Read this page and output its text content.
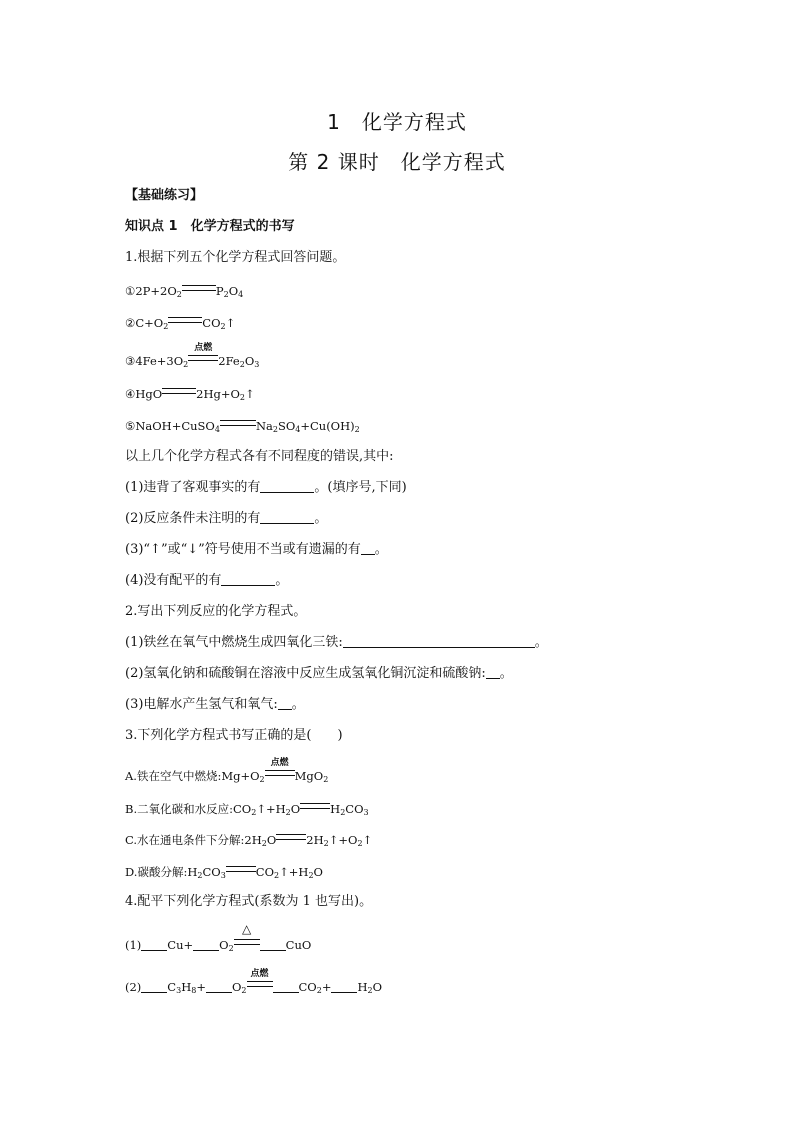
1　化学方程式
第 2 课时　化学方程式
【基础练习】
知识点 1　化学方程式的书写
1.根据下列五个化学方程式回答问题。
$①2P+2O_2$	$P_2O_4$
$②C+O_2$	$CO_2↑$
$③4Fe+3O_2$
点燃
$2Fe_2O_3$
④HgO	$2Hg+O_2↑$
⑤NaOH+CuSO$_4$	$Na_2SO_4+Cu(OH)_2$
以上几个化学方程式各有不同程度的错误,其中:
(1)违背了客观事实的有	。(填序号,下同)
(2)反应条件未注明的有	。
(3)“↑”或“↓”符号使用不当或有遗漏的有 。
(4)没有配平的有	。
2.写出下列反应的化学方程式。
(1)铁丝在氧气中燃烧生成四氧化三铁:	。
(2)氢氧化钠和硫酸铜在溶液中反应生成氢氧化铜沉淀和硫酸钠: 。
(3)电解水产生氢气和氧气: 。
3.下列化学方程式书写正确的是(　　)
A.铁在空气中燃烧$:Mg+O_2$
点燃
MgO$_2$
B.二氧化碳和水反应$:CO_2↑+H_2O$	$H_2CO_3$
C.水在通电条件下分解$:2H_2O$	$2H_2↑+O_2↑$
D.碳酸分解$:H_2CO_3$	$CO_2↑+H_2O$
4.配平下列化学方程式(系数为 1 也写出)。
(1) $Cu+ O_2$
△
CuO
(2) $C_3H_8+ O_2$
点燃
$CO_2+ H_2O$
